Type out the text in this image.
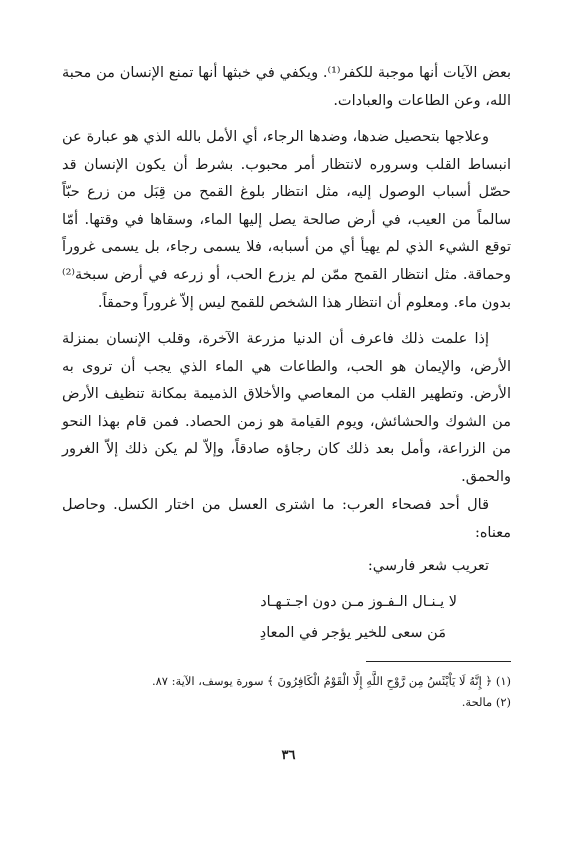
بعض الآيات أنها موجبة للكفر⁽¹⁾. ويكفي في خبثها أنها تمنع الإنسان من محبة الله، وعن الطاعات والعبادات.

وعلاجها بتحصيل ضدها، وضدها الرجاء، أي الأمل بالله الذي هو عبارة عن انبساط القلب وسروره لانتظار أمر محبوب. بشرط أن يكون الإنسان قد حصّل أسباب الوصول إليه، مثل انتظار بلوغ القمح من قِبَل من زرع حبّاً سالماً من العيب، في أرض صالحة يصل إليها الماء، وسقاها في وقتها. أمّا توقع الشيء الذي لم يهيأ أي من أسبابه، فلا يسمى رجاء، بل يسمى غروراً وحماقة. مثل انتظار القمح ممّن لم يزرع الحب، أو زرعه في أرض سبخة⁽²⁾ بدون ماء. ومعلوم أن انتظار هذا الشخص للقمح ليس إلاّ غروراً وحمقاً.

إذا علمت ذلك فاعرف أن الدنيا مزرعة الآخرة، وقلب الإنسان بمنزلة الأرض، والإيمان هو الحب، والطاعات هي الماء الذي يجب أن تروى به الأرض. وتطهير القلب من المعاصي والأخلاق الذميمة بمكانة تنظيف الأرض من الشوك والحشائش، ويوم القيامة هو زمن الحصاد. فمن قام بهذا النحو من الزراعة، وأمل بعد ذلك كان رجاؤه صادقاً، وإلاّ لم يكن ذلك إلاّ الغرور والحمق.

قال أحد فصحاء العرب: ما اشترى العسل من اختار الكسل. وحاصل معناه:

تعريب شعر فارسي:

لا يـنـال الـفـوز مـن دون اجـتـهـاد
مَن سعى للخير يؤجر في المعادِ

(١) ﴿ إِنَّهُ لَا يَاْيْئَسُ مِن رَّوْحِ اللَّهِ إِلَّا الْقَوْمُ الْكَافِرُونَ ﴾ سورة يوسف، الآية: ٨٧.

(٢) مالحة.

٣٦
